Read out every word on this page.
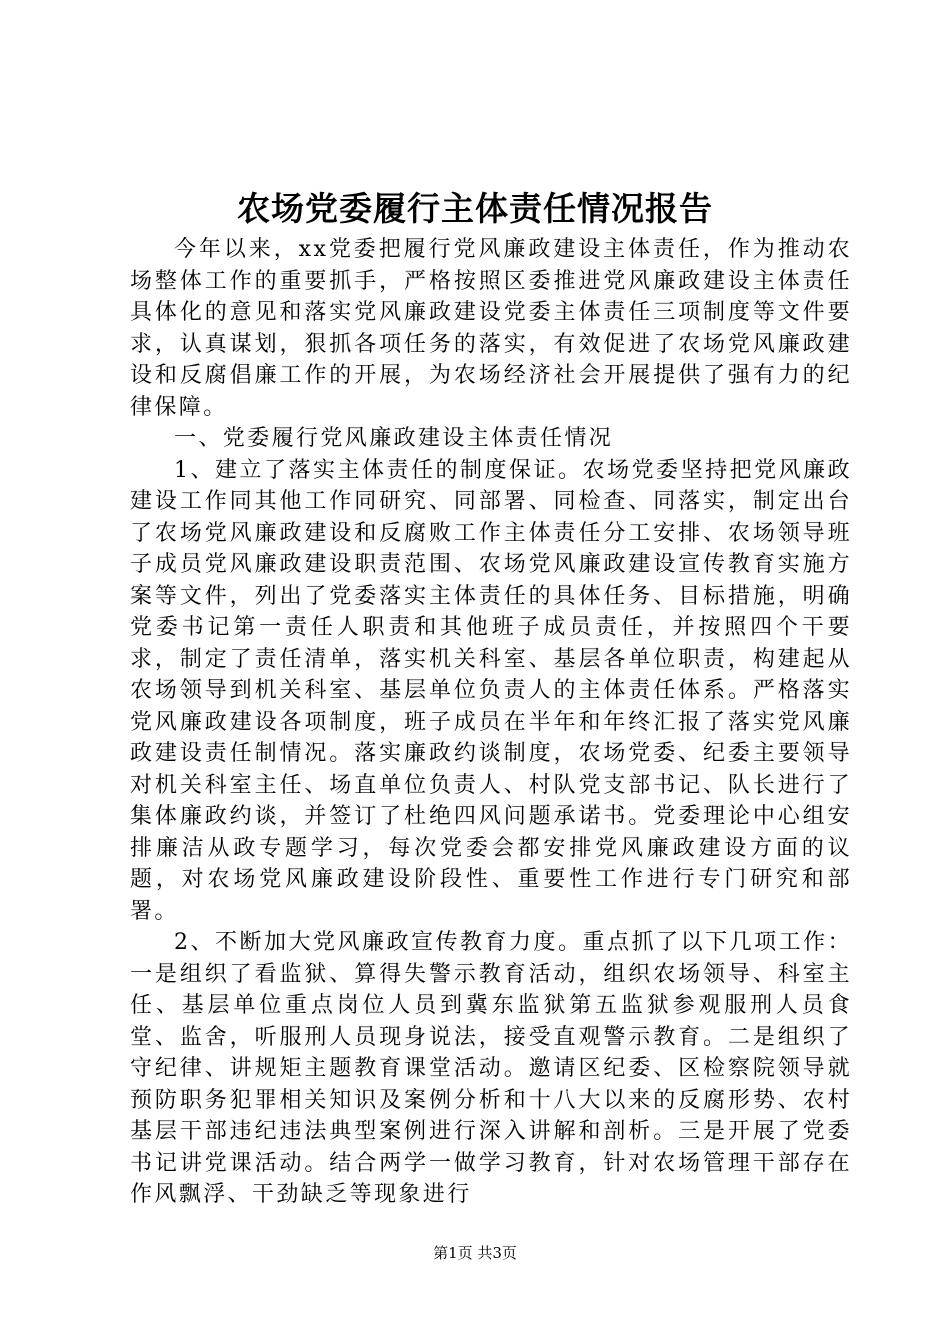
农场党委履行主体责任情况报告

今年以来，xx党委把履行党风廉政建设主体责任，作为推动农场整体工作的重要抓手，严格按照区委推进党风廉政建设主体责任具体化的意见和落实党风廉政建设党委主体责任三项制度等文件要求，认真谋划，狠抓各项任务的落实，有效促进了农场党风廉政建设和反腐倡廉工作的开展，为农场经济社会开展提供了强有力的纪律保障。

一、党委履行党风廉政建设主体责任情况

1、建立了落实主体责任的制度保证。农场党委坚持把党风廉政建设工作同其他工作同研究、同部署、同检查、同落实，制定出台了农场党风廉政建设和反腐败工作主体责任分工安排、农场领导班子成员党风廉政建设职责范围、农场党风廉政建设宣传教育实施方案等文件，列出了党委落实主体责任的具体任务、目标措施，明确党委书记第一责任人职责和其他班子成员责任，并按照四个干要求，制定了责任清单，落实机关科室、基层各单位职责，构建起从农场领导到机关科室、基层单位负责人的主体责任体系。严格落实党风廉政建设各项制度，班子成员在半年和年终汇报了落实党风廉政建设责任制情况。落实廉政约谈制度，农场党委、纪委主要领导对机关科室主任、场直单位负责人、村队党支部书记、队长进行了集体廉政约谈，并签订了杜绝四风问题承诺书。党委理论中心组安排廉洁从政专题学习，每次党委会都安排党风廉政建设方面的议题，对农场党风廉政建设阶段性、重要性工作进行专门研究和部署。

2、不断加大党风廉政宣传教育力度。重点抓了以下几项工作：一是组织了看监狱、算得失警示教育活动，组织农场领导、科室主任、基层单位重点岗位人员到冀东监狱第五监狱参观服刑人员食堂、监舍，听服刑人员现身说法，接受直观警示教育。二是组织了守纪律、讲规矩主题教育课堂活动。邀请区纪委、区检察院领导就预防职务犯罪相关知识及案例分析和十八大以来的反腐形势、农村基层干部违纪违法典型案例进行深入讲解和剖析。三是开展了党委书记讲党课活动。结合两学一做学习教育，针对农场管理干部存在作风飘浮、干劲缺乏等现象进行

第1页 共3页
